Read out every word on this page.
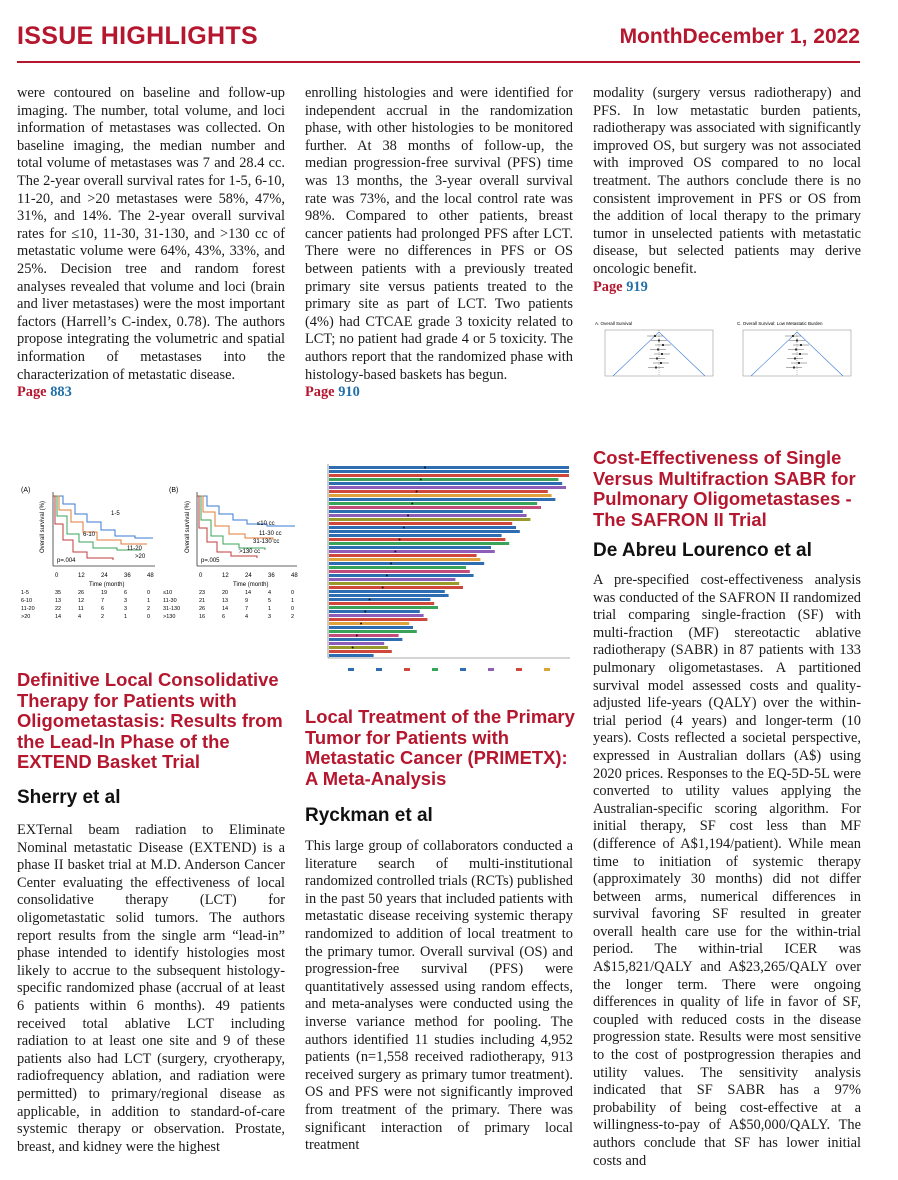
ISSUE HIGHLIGHTS	MonthDecember 1, 2022

were contoured on baseline and follow-up imaging. The number, total volume, and loci information of metastases was collected. On baseline imaging, the median number and total volume of metastases was 7 and 28.4 cc. The 2-year overall survival rates for 1-5, 6-10, 11-20, and >20 metastases were 58%, 47%, 31%, and 14%. The 2-year overall survival rates for ≤10, 11-30, 31-130, and >130 cc of metastatic volume were 64%, 43%, 33%, and 25%. Decision tree and random forest analyses revealed that volume and loci (brain and liver metastases) were the most important factors (Harrell’s C-index, 0.78). The authors propose integrating the volumetric and spatial information of metastases into the characterization of metastatic disease.

Page 883
(A)
Overall survival (%)	1-5
6-10
11-20
>20
p=.004
0	12	24	36	48
Time (month)
1-5	35	26	19	6	0
6-10	13	12	7	3	1
11-20	22	11	6	3	2
>20	14	4	2	1	0
(B)
Overall survival (%)	≤10 cc
11-30 cc
31-130 cc
>130 cc
p=.005
0	12	24	36	48
Time (month)
≤10	23	20	14	4	0
11-30	21	13	9	5	1
31-130	26	14	7	1	0
>130	16	6	4	3	2
Definitive Local Consolidative Therapy for Patients with Oligometastasis: Results from the Lead-In Phase of the EXTEND Basket Trial
Sherry et al

EXTernal beam radiation to Eliminate Nominal metastatic Disease (EXTEND) is a phase II basket trial at M.D. Anderson Cancer Center evaluating the effectiveness of local consolidative therapy (LCT) for oligometastatic solid tumors. The authors report results from the single arm “lead-in” phase intended to identify histologies most likely to accrue to the subsequent histology-specific randomized phase (accrual of at least 6 patients within 6 months). 49 patients received total ablative LCT including radiation to at least one site and 9 of these patients also had LCT (surgery, cryotherapy, radiofrequency ablation, and radiation were permitted) to primary/regional disease as applicable, in addition to standard-of-care systemic therapy or observation. Prostate, breast, and kidney were the highest

enrolling histologies and were identified for independent accrual in the randomization phase, with other histologies to be monitored further. At 38 months of follow-up, the median progression-free survival (PFS) time was 13 months, the 3-year overall survival rate was 73%, and the local control rate was 98%. Compared to other patients, breast cancer patients had prolonged PFS after LCT. There were no differences in PFS or OS between patients with a previously treated primary site versus patients treated to the primary site as part of LCT. Two patients (4%) had CTCAE grade 3 toxicity related to LCT; no patient had grade 4 or 5 toxicity. The authors report that the randomized phase with histology-based baskets has begun.

Page 910
Local Treatment of the Primary Tumor for Patients with Metastatic Cancer (PRIMETX): A Meta-Analysis
Ryckman et al

This large group of collaborators conducted a literature search of multi-institutional randomized controlled trials (RCTs) published in the past 50 years that included patients with metastatic disease receiving systemic therapy randomized to addition of local treatment to the primary tumor. Overall survival (OS) and progression-free survival (PFS) were quantitatively assessed using random effects, and meta-analyses were conducted using the inverse variance method for pooling. The authors identified 11 studies including 4,952 patients (n=1,558 received radiotherapy, 913 received surgery as primary tumor treatment). OS and PFS were not significantly improved from treatment of the primary. There was significant interaction of primary local treatment

modality (surgery versus radiotherapy) and PFS. In low metastatic burden patients, radiotherapy was associated with significantly improved OS, but surgery was not associated with improved OS compared to no local treatment. The authors conclude there is no consistent improvement in PFS or OS from the addition of local therapy to the primary tumor in unselected patients with metastatic disease, but selected patients may derive oncologic benefit.

Page 919
A. Overall Survival	C. Overall Survival: Low Metastatic Burden
Cost-Effectiveness of Single Versus Multifraction SABR for Pulmonary Oligometastases - The SAFRON II Trial
De Abreu Lourenco et al

A pre-specified cost-effectiveness analysis was conducted of the SAFRON II randomized trial comparing single-fraction (SF) with multi-fraction (MF) stereotactic ablative radiotherapy (SABR) in 87 patients with 133 pulmonary oligometastases. A partitioned survival model assessed costs and quality-adjusted life-years (QALY) over the within-trial period (4 years) and longer-term (10 years). Costs reflected a societal perspective, expressed in Australian dollars (A$) using 2020 prices. Responses to the EQ-5D-5L were converted to utility values applying the Australian-specific scoring algorithm. For initial therapy, SF cost less than MF (difference of A$1,194/patient). While mean time to initiation of systemic therapy (approximately 30 months) did not differ between arms, numerical differences in survival favoring SF resulted in greater overall health care use for the within-trial period. The within-trial ICER was A$15,821/QALY and A$23,265/QALY over the longer term. There were ongoing differences in quality of life in favor of SF, coupled with reduced costs in the disease progression state. Results were most sensitive to the cost of postprogression therapies and utility values. The sensitivity analysis indicated that SF SABR has a 97% probability of being cost-effective at a willingness-to-pay of A$50,000/QALY. The authors conclude that SF has lower initial costs and
